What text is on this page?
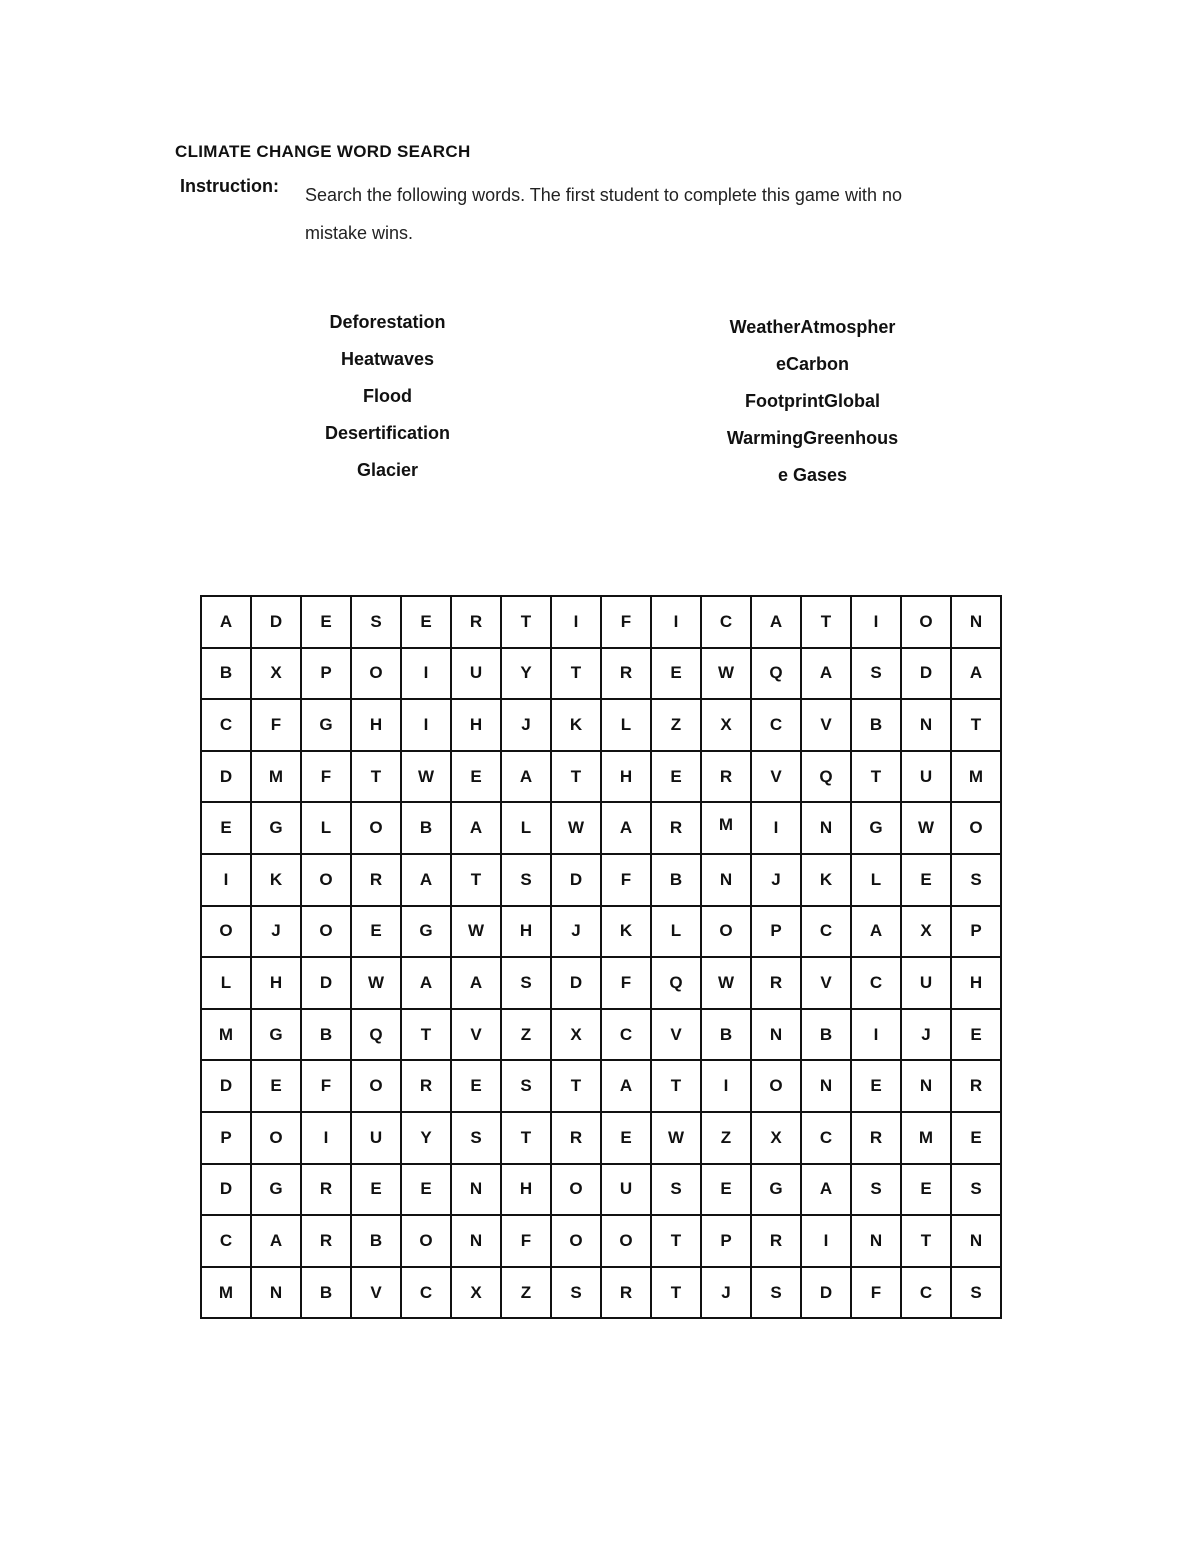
CLIMATE CHANGE WORD SEARCH
Instruction: Search the following words. The first student to complete this game with no
mistake wins.
Deforestation
Heatwaves
Flood
Desertification
Glacier
WeatherAtmospher
eCarbon
FootprintGlobal
WarmingGreenhous
e Gases
A	D	E	S	E	R	T	I	F	I	C	A	T	I	O	N
B	X	P	O	I	U	Y	T	R	E	W	Q	A	S	D	A
C	F	G	H	I	H	J	K	L	Z	X	C	V	B	N	T
D	M	F	T	W	E	A	T	H	E	R	V	Q	T	U	M
E	G	L	O	B	A	L	W	A	R	M	I	N	G	W	O
I	K	O	R	A	T	S	D	F	B	N	J	K	L	E	S
O	J	O	E	G	W	H	J	K	L	O	P	C	A	X	P
L	H	D	W	A	A	S	D	F	Q	W	R	V	C	U	H
M	G	B	Q	T	V	Z	X	C	V	B	N	B	I	J	E
D	E	F	O	R	E	S	T	A	T	I	O	N	E	N	R
P	O	I	U	Y	S	T	R	E	W	Z	X	C	R	M	E
D	G	R	E	E	N	H	O	U	S	E	G	A	S	E	S
C	A	R	B	O	N	F	O	O	T	P	R	I	N	T	N
M	N	B	V	C	X	Z	S	R	T	J	S	D	F	C	S
